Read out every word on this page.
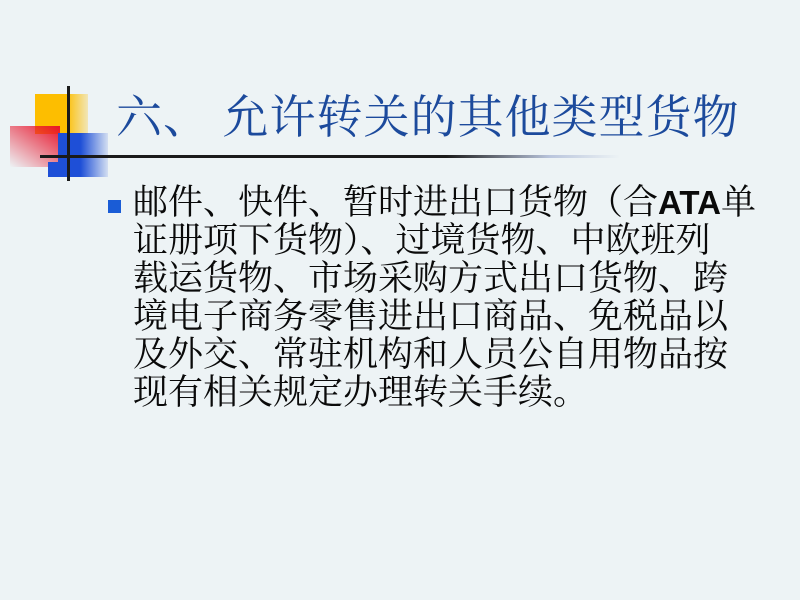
六、 允许转关的其他类型货物
邮件、快件、暂时进出口货物（合ATA单
证册项下货物）、过境货物、中欧班列
载运货物、市场采购方式出口货物、跨
境电子商务零售进出口商品、免税品以
及外交、常驻机构和人员公自用物品按
现有相关规定办理转关手续。
